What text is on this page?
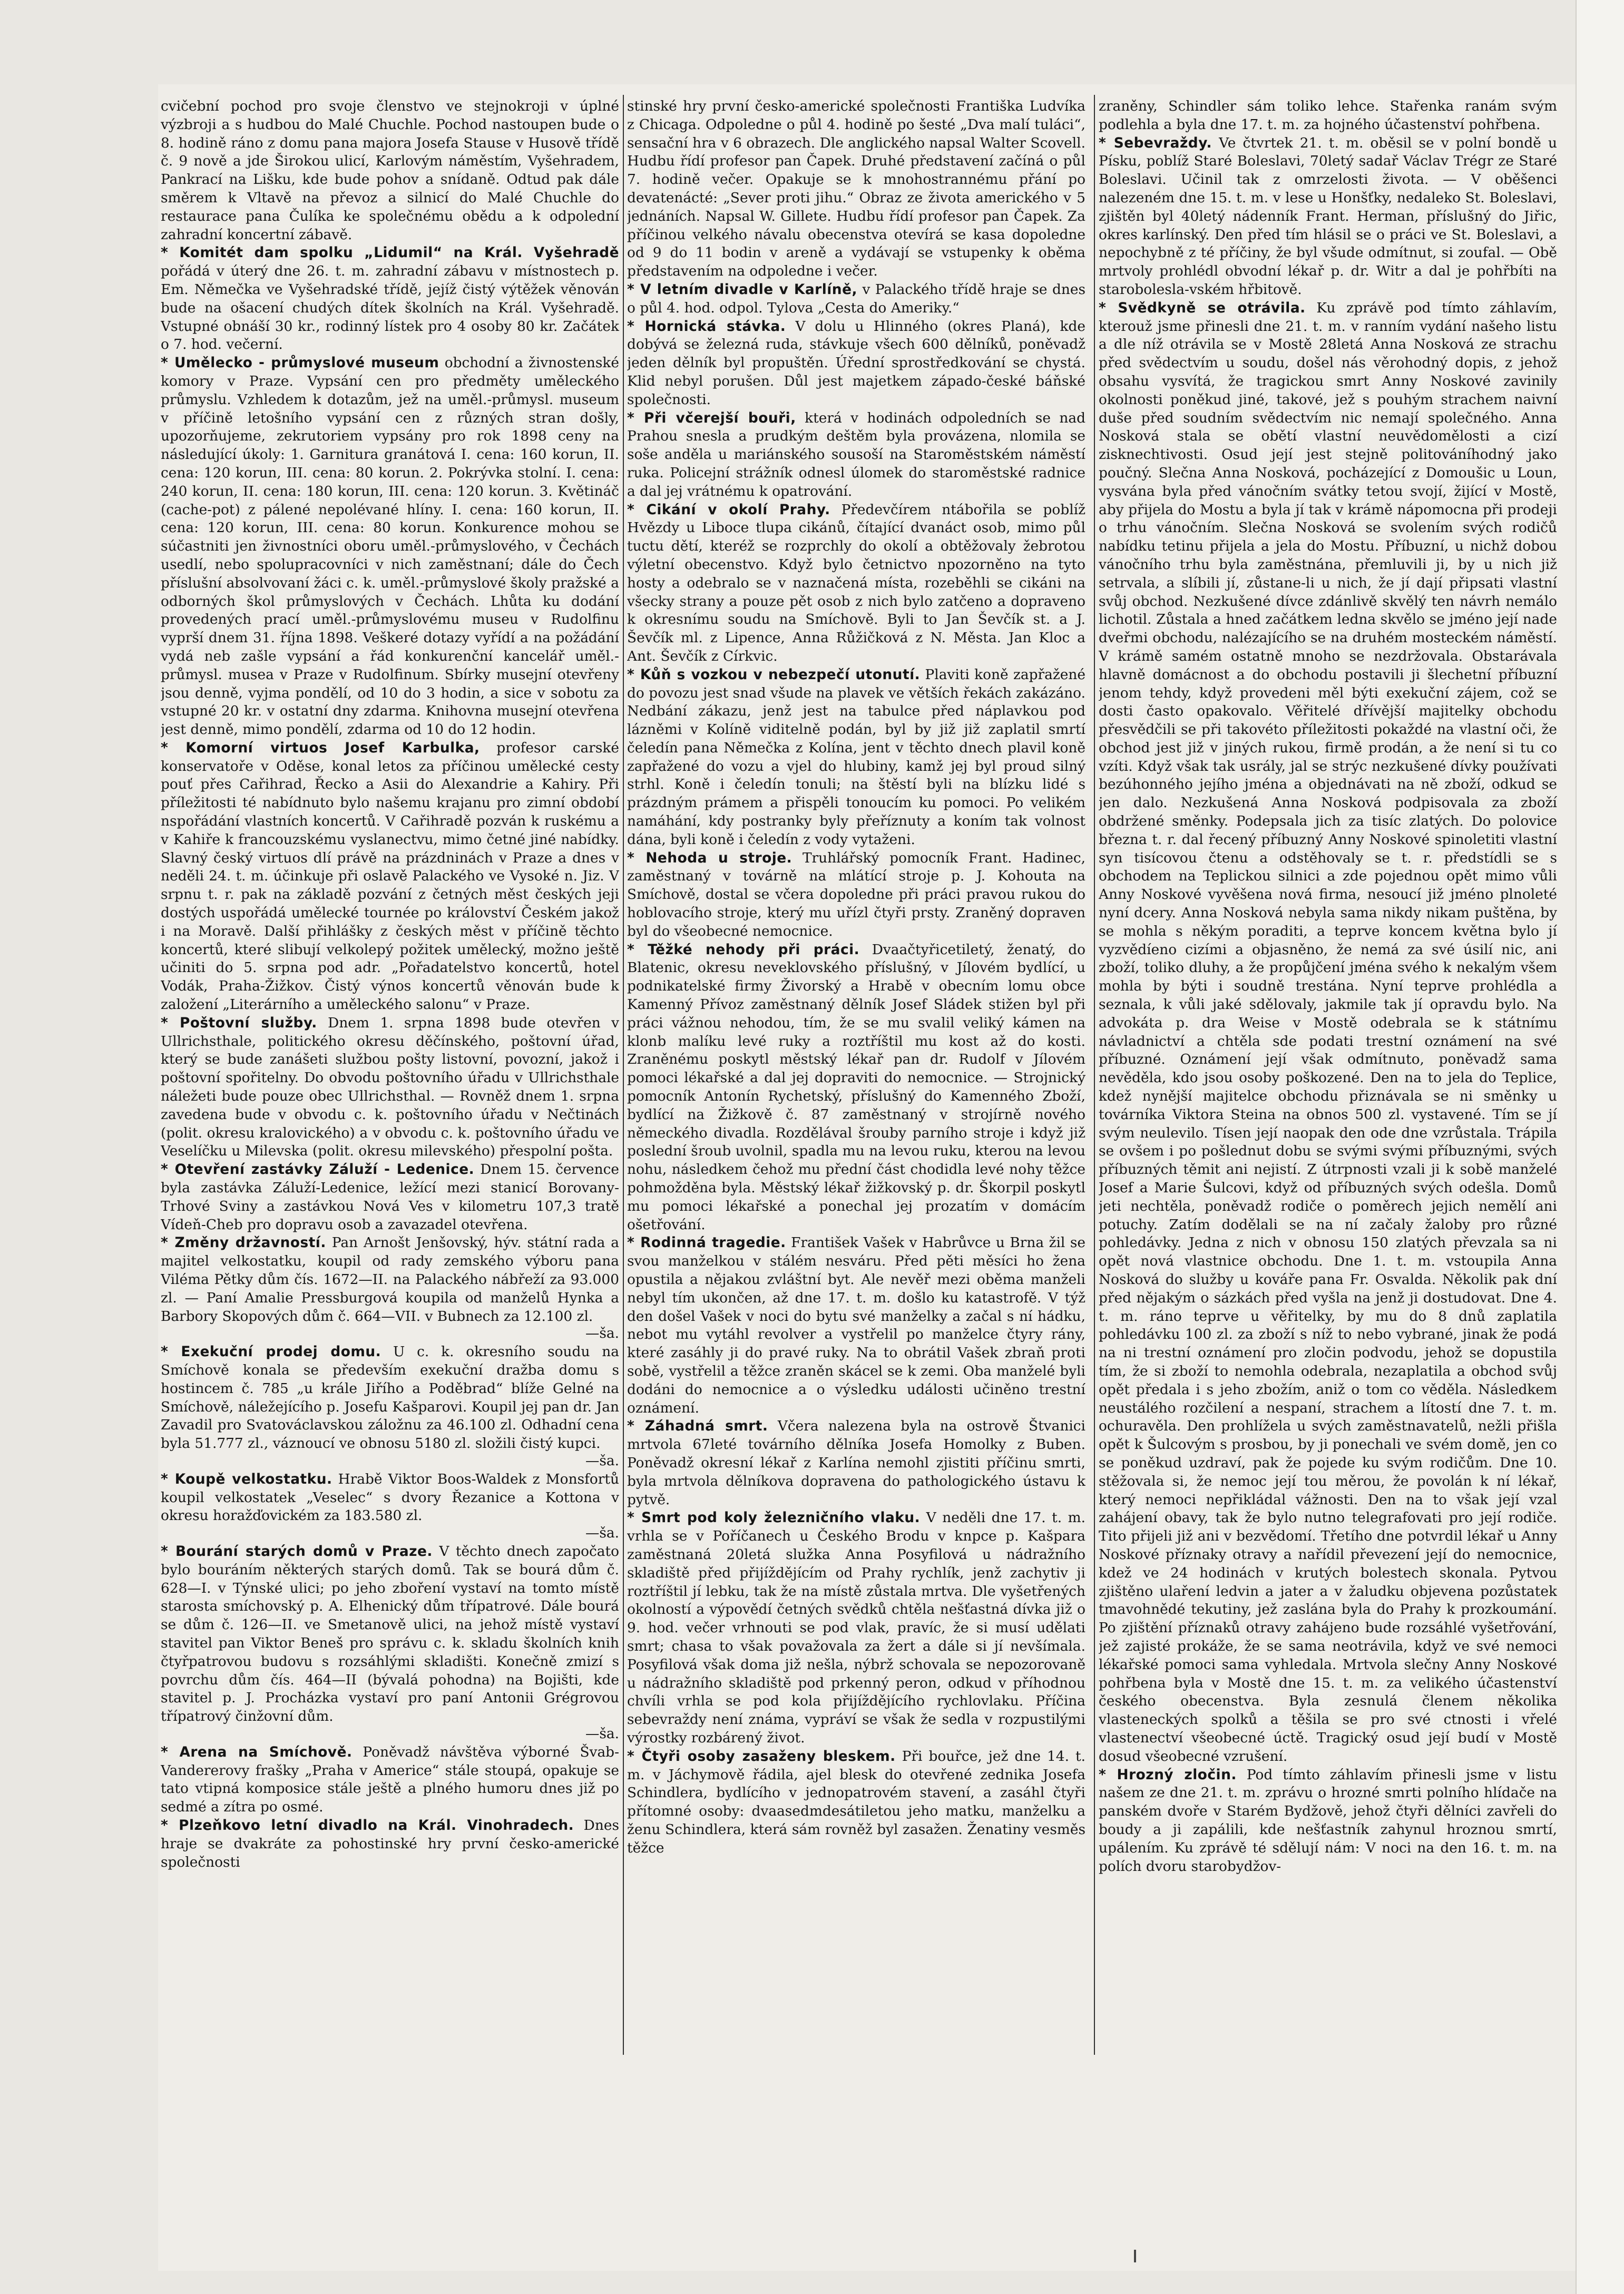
cvičební pochod pro svoje členstvo ve stejnokroji v úplné výzbroji a s hudbou do Malé Chuchle. Pochod nastoupen bude o 8. hodině ráno z domu pana majora Josefa Stause v Husově třídě č. 9 nově a jde Širokou ulicí, Karlovým náměstím, Vyšehradem, Pankrací na Lišku, kde bude pohov a snídaně. Odtud pak dále směrem k Vltavě na převoz a silnicí do Malé Chuchle do restaurace pana Čulíka ke společnému obědu a k odpolední zahradní koncertní zábavě.

* Komitét dam spolku „Lidumil“ na Král. Vyšehradě pořádá v úterý dne 26. t. m. zahradní zábavu v místnostech p. Em. Němečka ve Vyšehradské třídě, jejíž čistý výtěžek věnován bude na ošacení chudých dítek školních na Král. Vyšehradě. Vstupné obnáší 30 kr., rodinný lístek pro 4 osoby 80 kr. Začátek o 7. hod. večerní.

* Umělecko - průmyslové museum obchodní a živnostenské komory v Praze. Vypsání cen pro předměty uměleckého průmyslu. Vzhledem k dotazům, jež na uměl.-průmysl. museum v příčině letošního vypsání cen z různých stran došly, upozorňujeme, zekrutoriem vypsány pro rok 1898 ceny na následující úkoly: 1. Garnitura granátová I. cena: 160 korun, II. cena: 120 korun, III. cena: 80 korun. 2. Pokrývka stolní. I. cena: 240 korun, II. cena: 180 korun, III. cena: 120 korun. 3. Květináč (cache-pot) z pálené nepolévané hlíny. I. cena: 160 korun, II. cena: 120 korun, III. cena: 80 korun. Konkurence mohou se súčastniti jen živnostníci oboru uměl.-průmyslového, v Čechách usedlí, nebo spolupracovníci v nich zaměstnaní; dále do Čech příslušní absolvovaní žáci c. k. uměl.-průmyslové školy pražské a odborných škol průmyslových v Čechách. Lhůta ku dodání provedených prací uměl.-průmyslovému museu v Rudolfinu vyprší dnem 31. října 1898. Veškeré dotazy vyřídí a na požádání vydá neb zašle vypsání a řád konkurenční kancelář uměl.-průmysl. musea v Praze v Rudolfinum. Sbírky musejní otevřeny jsou denně, vyjma pondělí, od 10 do 3 hodin, a sice v sobotu za vstupné 20 kr. v ostatní dny zdarma. Knihovna musejní otevřena jest denně, mimo pondělí, zdarma od 10 do 12 hodin.

* Komorní virtuos Josef Karbulka, profesor carské konservatoře v Oděse, konal letos za příčinou umělecké cesty pouť přes Cařihrad, Řecko a Asii do Alexandrie a Kahiry. Při příležitosti té nabídnuto bylo našemu krajanu pro zimní období nspořádání vlastních koncertů. V Cařihradě pozván k ruskému a v Kahiře k francouzskému vyslanectvu, mimo četné jiné nabídky. Slavný český virtuos dlí právě na prázdninách v Praze a dnes v neděli 24. t. m. účinkuje při oslavě Palackého ve Vysoké n. Jiz. V srpnu t. r. pak na základě pozvání z četných měst českých jeji dostých uspořádá umělecké tournée po království Českém jakož i na Moravě. Další přihlášky z českých měst v příčině těchto koncertů, které slibují velkolepý požitek umělecký, možno ještě učiniti do 5. srpna pod adr. „Pořadatelstvo koncertů, hotel Vodák, Praha-Žižkov. Čistý výnos koncertů věnován bude k založení „Literárního a uměleckého salonu“ v Praze.

* Poštovní služby. Dnem 1. srpna 1898 bude otevřen v Ullrichsthale, politického okresu děčínského, poštovní úřad, který se bude zanášeti službou pošty listovní, povozní, jakož i poštovní spořitelny. Do obvodu poštovního úřadu v Ullrichsthale náležeti bude pouze obec Ullrichsthal. — Rovněž dnem 1. srpna zavedena bude v obvodu c. k. poštovního úřadu v Nečtinách (polit. okresu kralovického) a v obvodu c. k. poštovního úřadu ve Veselíčku u Milevska (polit. okresu milevského) přespolní pošta.

* Otevření zastávky Záluží - Ledenice. Dnem 15. července byla zastávka Záluží-Ledenice, ležící mezi stanicí Borovany-Trhové Sviny a zastávkou Nová Ves v kilometru 107,3 tratě Vídeň-Cheb pro dopravu osob a zavazadel otevřena.

* Změny državností. Pan Arnošt Jenšovský, hýv. státní rada a majitel velkostatku, koupil od rady zemského výboru pana Viléma Pětky dům čís. 1672—II. na Palackého nábřeží za 93.000 zl. — Paní Amalie Pressburgová koupila od manželů Hynka a Barbory Skopových dům č. 664—VII. v Bubnech za 12.100 zl.
—ša.

* Exekuční prodej domu. U c. k. okresního soudu na Smíchově konala se především exekuční dražba domu s hostincem č. 785 „u krále Jiřího a Poděbrad“ blíže Gelné na Smíchově, náležejícího p. Josefu Kašparovi. Koupil jej pan dr. Jan Zavadil pro Svatováclavskou záložnu za 46.100 zl. Odhadní cena byla 51.777 zl., váznoucí ve obnosu 5180 zl. složili čistý kupci.
—ša.

* Koupě velkostatku. Hrabě Viktor Boos-Waldek z Monsfortů koupil velkostatek „Veselec“ s dvory Řezanice a Kottona v okresu horažďovickém za 183.580 zl.
—ša.

* Bourání starých domů v Praze. V těchto dnech započato bylo bouráním některých starých domů. Tak se bourá dům č. 628—I. v Týnské ulici; po jeho zboření vystaví na tomto místě starosta smíchovský p. A. Elhenický dům třípatrové. Dále bourá se dům č. 126—II. ve Smetanově ulici, na jehož místě vystaví stavitel pan Viktor Beneš pro správu c. k. skladu školních knih čtyřpatrovou budovu s rozsáhlými skladišti. Konečně zmizí s povrchu dům čís. 464—II (bývalá pohodna) na Bojišti, kde stavitel p. J. Procházka vystaví pro paní Antonii Grégrovou třípatrový činžovní dům.
—ša.

* Arena na Smíchově. Poněvadž návštěva výborné Švab-Vandererovy frašky „Praha v Americe“ stále stoupá, opakuje se tato vtipná komposice stále ještě a plného humoru dnes již po sedmé a zítra po osmé.

* Plzeňkovo letní divadlo na Král. Vinohradech. Dnes hraje se dvakráte za pohostinské hry první česko-americké společnosti

stinské hry první česko-americké společnosti Františka Ludvíka z Chicaga. Odpoledne o půl 4. hodině po šesté „Dva malí tuláci“, sensační hra v 6 obrazech. Dle anglického napsal Walter Scovell. Hudbu řídí profesor pan Čapek. Druhé představení začíná o půl 7. hodině večer. Opakuje se k mnohostrannému přání po devatenácté: „Sever proti jihu.“ Obraz ze života amerického v 5 jednáních. Napsal W. Gillete. Hudbu řídí profesor pan Čapek. Za příčinou velkého návalu obecenstva otevírá se kasa dopoledne od 9 do 11 bodin v areně a vydávají se vstupenky k oběma představením na odpoledne i večer.

* V letním divadle v Karlíně, v Palackého třídě hraje se dnes o půl 4. hod. odpol. Tylova „Cesta do Ameriky.“

* Hornická stávka. V dolu u Hlinného (okres Planá), kde dobývá se železná ruda, stávkuje všech 600 dělníků, poněvadž jeden dělník byl propuštěn. Úřední sprostředkování se chystá. Klid nebyl porušen. Důl jest majetkem západo-české báňské společnosti.

* Při včerejší bouři, která v hodinách odpoledních se nad Prahou snesla a prudkým deštěm byla provázena, nlomila se soše anděla u mariánského sousoší na Staroměstském náměstí ruka. Policejní strážník odnesl úlomek do staroměstské radnice a dal jej vrátnému k opatrování.

* Cikání v okolí Prahy. Předevčírem ntábořila se poblíž Hvězdy u Liboce tlupa cikánů, čítající dvanáct osob, mimo půl tuctu dětí, kteréž se rozprchly do okolí a obtěžovaly žebrotou výletní obecenstvo. Když bylo četnictvo npozorněno na tyto hosty a odebralo se v naznačená místa, rozeběhli se cikáni na všecky strany a pouze pět osob z nich bylo zatčeno a dopraveno k okresnímu soudu na Smíchově. Byli to Jan Ševčík st. a J. Ševčík ml. z Lipence, Anna Růžičková z N. Města. Jan Kloc a Ant. Ševčík z Církvic.

* Kůň s vozkou v nebezpečí utonutí. Plaviti koně zapřažené do povozu jest snad všude na plavek ve větších řekách zakázáno. Nedbání zákazu, jenž jest na tabulce před náplavkou pod lázněmi v Kolíně viditelně podán, byl by již již zaplatil smrtí čeledín pana Němečka z Kolína, jent v těchto dnech plavil koně zapřažené do vozu a vjel do hlubiny, kamž jej byl proud silný strhl. Koně i čeledín tonuli; na štěstí byli na blízku lidé s prázdným prámem a přispěli tonoucím ku pomoci. Po velikém namáhání, kdy postranky byly přeříznuty a koním tak volnost dána, byli koně i čeledín z vody vytaženi.

* Nehoda u stroje. Truhlářský pomocník Frant. Hadinec, zaměstnaný v továrně na mlátící stroje p. J. Kohouta na Smíchově, dostal se včera dopoledne při práci pravou rukou do hoblovacího stroje, který mu uřízl čtyři prsty. Zraněný dopraven byl do všeobecné nemocnice.

* Těžké nehody při práci. Dvaačtyřicetiletý, ženatý, do Blatenic, okresu neveklovského příslušný, v Jílovém bydlící, u podnikatelské firmy Živorský a Hrabě v obecním lomu obce Kamenný Přívoz zaměstnaný dělník Josef Sládek stižen byl při práci vážnou nehodou, tím, že se mu svalil veliký kámen na klonb malíku levé ruky a roztříštil mu kost až do kosti. Zraněnému poskytl městský lékař pan dr. Rudolf v Jílovém pomoci lékařské a dal jej dopraviti do nemocnice. — Strojnický pomocník Antonín Rychetský, příslušný do Kamenného Zboží, bydlící na Žižkově č. 87 zaměstnaný v strojírně nového německého divadla. Rozdělával šrouby parního stroje i když již poslední šroub uvolnil, spadla mu na levou ruku, kterou na levou nohu, následkem čehož mu přední část chodidla levé nohy těžce pohmožděna byla. Městský lékař žižkovský p. dr. Škorpil poskytl mu pomoci lékařské a ponechal jej prozatím v domácím ošetřování.

* Rodinná tragedie. František Vašek v Habrůvce u Brna žil se svou manželkou v stálém nesváru. Před pěti měsíci ho žena opustila a nějakou zvláštní byt. Ale nevěř mezi oběma manželi nebyl tím ukončen, až dne 17. t. m. došlo ku katastrofě. V týž den došel Vašek v noci do bytu své manželky a začal s ní hádku, nebot mu vytáhl revolver a vystřelil po manželce čtyry rány, které zasáhly ji do pravé ruky. Na to obrátil Vašek zbraň proti sobě, vystřelil a těžce zraněn skácel se k zemi. Oba manželé byli dodáni do nemocnice a o výsledku události učiněno trestní oznámení.

* Záhadná smrt. Včera nalezena byla na ostrově Štvanici mrtvola 67leté továrního dělníka Josefa Homolky z Buben. Poněvadž okresní lékař z Karlína nemohl zjistiti příčinu smrti, byla mrtvola dělníkova dopravena do pathologického ústavu k pytvě.

* Smrt pod koly železničního vlaku. V neděli dne 17. t. m. vrhla se v Poříčanech u Českého Brodu v knpce p. Kašpara zaměstnaná 20letá služka Anna Posyfilová u nádražního skladiště před přijíždějícím od Prahy rychlík, jenž zachytiv ji roztříštil jí lebku, tak že na místě zůstala mrtva. Dle vyšetřených okolností a výpovědí četných svědků chtěla nešťastná dívka již o 9. hod. večer vrhnouti se pod vlak, pravíc, že si musí udělati smrt; chasa to však považovala za žert a dále si jí nevšímala. Posyfilová však doma již nešla, nýbrž schovala se nepozorovaně u nádražního skladiště pod prkenný peron, odkud v příhodnou chvíli vrhla se pod kola přijíždějícího rychlovlaku. Příčina sebevraždy není známa, vypráví se však že sedla v rozpustilými výrostky rozbárený život.

* Čtyři osoby zasaženy bleskem. Při bouřce, jež dne 14. t. m. v Jáchymově řádila, ajel blesk do otevřené zednika Josefa Schindlera, bydlícího v jednopatrovém stavení, a zasáhl čtyři přítomné osoby: dvaasedmdesátiletou jeho matku, manželku a ženu Schindlera, která sám rovněž byl zasažen. Ženatiny vesměs těžce

zraněny, Schindler sám toliko lehce. Stařenka ranám svým podlehla a byla dne 17. t. m. za hojného účastenství pohřbena.

* Sebevraždy. Ve čtvrtek 21. t. m. oběsil se v polní bondě u Písku, poblíž Staré Boleslavi, 70letý sadař Václav Trégr ze Staré Boleslavi. Učinil tak z omrzelosti života. — V oběšenci nalezeném dne 15. t. m. v lese u Honšťky, nedaleko St. Boleslavi, zjištěn byl 40letý nádenník Frant. Herman, příslušný do Jiřic, okres karlínský. Den před tím hlásil se o práci ve St. Boleslavi, a nepochybně z té příčiny, že byl všude odmítnut, si zoufal. — Obě mrtvoly prohlédl obvodní lékař p. dr. Witr a dal je pohřbíti na starobolesla-vském hřbitově.

* Svědkyně se otrávila. Ku zprávě pod tímto záhlavím, kterouž jsme přinesli dne 21. t. m. v ranním vydání našeho listu a dle níž otrávila se v Mostě 28letá Anna Nosková ze strachu před svědectvím u soudu, došel nás věrohodný dopis, z jehož obsahu vysvítá, že tragickou smrt Anny Noskové zavinily okolnosti poněkud jiné, takové, jež s pouhým strachem naivní duše před soudním svědectvím nic nemají společného. Anna Nosková stala se obětí vlastní neuvědomělosti a cizí zisknechtivosti. Osud její jest stejně politováníhodný jako poučný. Slečna Anna Nosková, pocházející z Domoušic u Loun, vysvána byla před vánočním svátky tetou svojí, žijící v Mostě, aby přijela do Mostu a byla jí tak v krámě nápomocna při prodeji o trhu vánočním. Slečna Nosková se svolením svých rodičů nabídku tetinu přijela a jela do Mostu. Příbuzní, u nichž dobou vánočního trhu byla zaměstnána, přemluvili ji, by u nich již setrvala, a slíbili jí, zůstane-li u nich, že jí dají připsati vlastní svůj obchod. Nezkušené dívce zdánlivě skvělý ten návrh nemálo lichotil. Zůstala a hned začátkem ledna skvělo se jméno její nade dveřmi obchodu, nalézajícího se na druhém mosteckém náměstí. V krámě samém ostatně mnoho se nezdržovala. Obstarávala hlavně domácnost a do obchodu postavili ji šlechetní příbuzní jenom tehdy, když provedeni měl býti exekuční zájem, což se dosti často opakovalo. Věřitelé dřívější majitelky obchodu přesvědčili se při takovéto příležitosti pokaždé na vlastní oči, že obchod jest již v jiných rukou, firmě prodán, a že není si tu co vzíti. Když však tak usrály, jal se strýc nezkušené dívky používati bezúhonného jejího jména a objednávati na ně zboží, odkud se jen dalo. Nezkušená Anna Nosková podpisovala za zboží obdržené směnky. Podepsala jich za tisíc zlatých. Do polovice března t. r. dal řecený příbuzný Anny Noskové spinoletiti vlastní syn tisícovou čtenu a odstěhovaly se t. r. předstídli se s obchodem na Teplickou silnici a zde pojednou opět mimo vůli Anny Noskové vyvěšena nová firma, nesoucí již jméno plnoleté nyní dcery. Anna Nosková nebyla sama nikdy nikam puštěna, by se mohla s někým poraditi, a teprve koncem května bylo jí vyzvědíeno cizími a objasněno, že nemá za své úsilí nic, ani zboží, toliko dluhy, a že propůjčení jména svého k nekalým všem mohla by býti i soudně trestána. Nyní teprve prohlédla a seznala, k vůli jaké sdělovaly, jakmile tak jí opravdu bylo. Na advokáta p. dra Weise v Mostě odebrala se k státnímu návladnictví a chtěla sde podati trestní oznámení na své příbuzné. Oznámení její však odmítnuto, poněvadž sama nevěděla, kdo jsou osoby poškozené. Den na to jela do Teplice, kdež nynější majitelce obchodu přiznávala se ni směnky u továrníka Viktora Steina na obnos 500 zl. vystavené. Tím se jí svým neulevilo. Tísen její naopak den ode dne vzrůstala. Trápila se ovšem i po pošlednut dobu se svými svými příbuznými, svých příbuzných těmit ani nejistí. Z útrpnosti vzali ji k sobě manželé Josef a Marie Šulcovi, když od příbuzných svých odešla. Domů jeti nechtěla, poněvadž rodiče o poměrech jejich nemělí ani potuchy. Zatím dodělali se na ní začaly žaloby pro různé pohledávky. Jedna z nich v obnosu 150 zlatých převzala sa ni opět nová vlastnice obchodu. Dne 1. t. m. vstoupila Anna Nosková do služby u kováře pana Fr. Osvalda. Několik pak dní před nějakým o sázkách před vyšla na jenž ji dostudovat. Dne 4. t. m. ráno teprve u věřitelky, by mu do 8 dnů zaplatila pohledávku 100 zl. za zboží s níž to nebo vybrané, jinak že podá na ni trestní oznámení pro zločin podvodu, jehož se dopustila tím, že si zboží to nemohla odebrala, nezaplatila a obchod svůj opět předala i s jeho zbožím, aniž o tom co věděla. Následkem neustálého rozčilení a nespaní, strachem a lítostí dne 7. t. m. ochuravěla. Den prohlížela u svých zaměstnavatelů, nežli přišla opět k Šulcovým s prosbou, by ji ponechali ve svém domě, jen co se poněkud uzdraví, pak že pojede ku svým rodičům. Dne 10. stěžovala si, že nemoc její tou měrou, že povolán k ní lékař, který nemoci nepřikládal vážnosti. Den na to však její vzal zahájení obavy, tak že bylo nutno telegrafovati pro její rodiče. Tito přijeli již ani v bezvědomí. Třetího dne potvrdil lékař u Anny Noskové příznaky otravy a nařídil převezení její do nemocnice, kdež ve 24 hodinách v krutých bolestech skonala. Pytvou zjištěno ulaření ledvin a jater a v žaludku objevena pozůstatek tmavohnědé tekutiny, jež zaslána byla do Prahy k prozkoumání. Po zjištění příznaků otravy zahájeno bude rozsáhlé vyšetřování, jež zajisté prokáže, že se sama neotrávila, když ve své nemoci lékařské pomoci sama vyhledala. Mrtvola slečny Anny Noskové pohřbena byla v Mostě dne 15. t. m. za velikého účastenství českého obecenstva. Byla zesnulá členem několika vlasteneckých spolků a těšila se pro své ctnosti i vřelé vlastenectví všeobecné úctě. Tragický osud její budí v Mostě dosud všeobecné vzrušení.

* Hrozný zločin. Pod tímto záhlavím přinesli jsme v listu našem ze dne 21. t. m. zprávu o hrozné smrti polního hlídače na panském dvoře v Starém Bydžově, jehož čtyři dělníci zavřeli do boudy a ji zapálili, kde nešťastník zahynul hroznou smrtí, upálením. Ku zprávě té sdělují nám: V noci na den 16. t. m. na polích dvoru starobydžov-
